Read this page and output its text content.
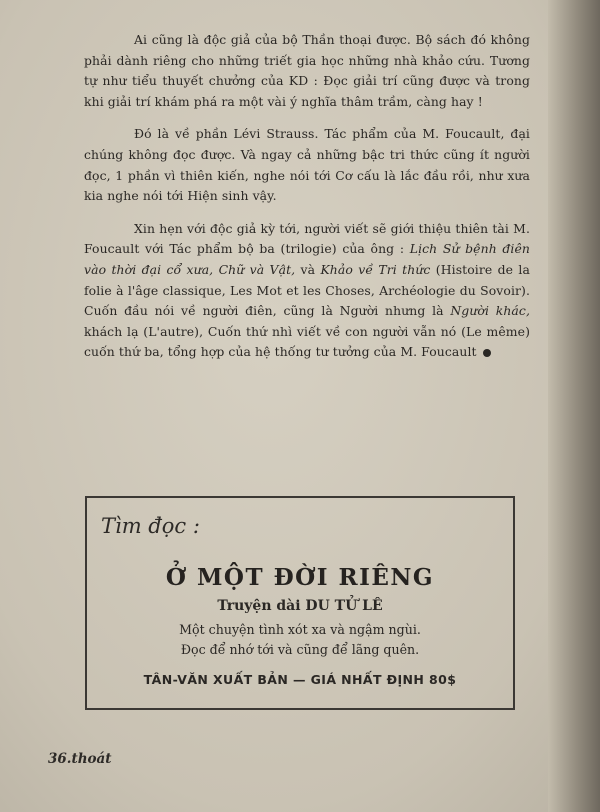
Ai cũng là độc giả của bộ Thần thoại được. Bộ sách đó không phải dành riêng cho những triết gia học những nhà khảo cứu. Tương tự như tiểu thuyết chưởng của KD : Đọc giải trí cũng được và trong khi giải trí khám phá ra một vài ý nghĩa thâm trầm, càng hay !

Đó là về phần Lévi Strauss. Tác phẩm của M. Foucault, đại chúng không đọc được. Và ngay cả những bậc tri thức cũng ít người đọc, 1 phần vì thiên kiến, nghe nói tới Cơ cấu là lắc đầu rồi, như xưa kia nghe nói tới Hiện sinh vậy.

Xin hẹn với độc giả kỳ tới, người viết sẽ giới thiệu thiên tài M. Foucault với Tác phẩm bộ ba (trilogie) của ông : Lịch Sử bệnh điên vào thời đại cổ xưa, Chữ và Vật, và Khảo về Tri thức (Histoire de la folie à l'âge classique, Les Mot et les Choses, Archéologie du Sovoir). Cuốn đầu nói về người điên, cũng là Người nhưng là Người khác, khách lạ (L'autre), Cuốn thứ nhì viết về con người vẫn nó (Le même) cuốn thứ ba, tổng hợp của hệ thống tư tưởng của M. Foucault

Tìm đọc :
Ở MỘT ĐỜI RIÊNG
Truyện dài DU TỬ LÊ
Một chuyện tình xót xa và ngậm ngùi.
Đọc để nhớ tới và cũng để lãng quên.
TÂN-VĂN XUẤT BẢN — GIÁ NHẤT ĐỊNH 80$
36.thoát
